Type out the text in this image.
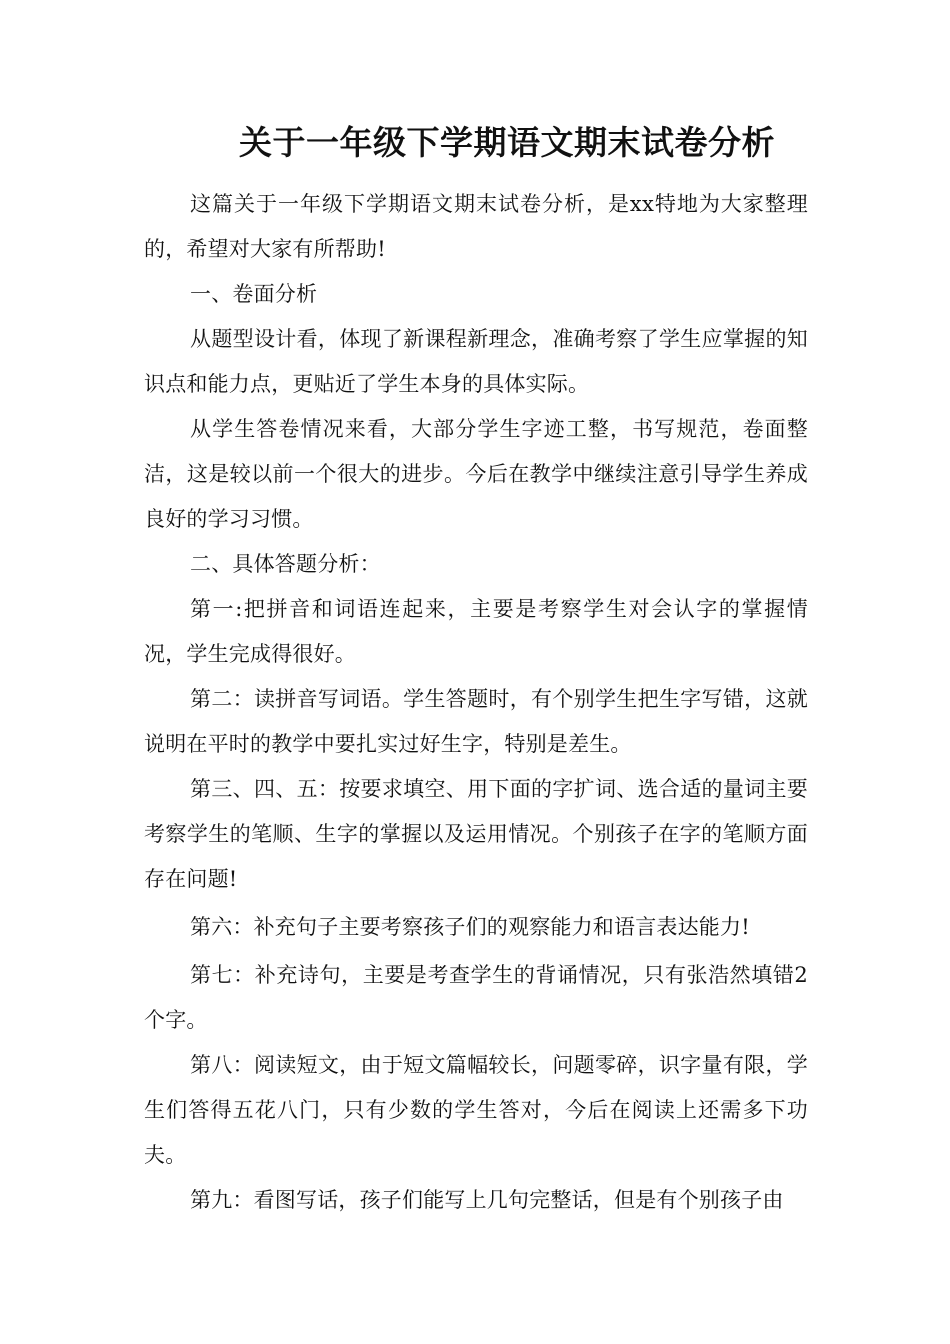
关于一年级下学期语文期末试卷分析

这篇关于一年级下学期语文期末试卷分析，是xx特地为大家整理的，希望对大家有所帮助!

一、卷面分析

从题型设计看，体现了新课程新理念，准确考察了学生应掌握的知识点和能力点，更贴近了学生本身的具体实际。

从学生答卷情况来看，大部分学生字迹工整，书写规范，卷面整洁，这是较以前一个很大的进步。今后在教学中继续注意引导学生养成良好的学习习惯。

二、具体答题分析：

第一:把拼音和词语连起来，主要是考察学生对会认字的掌握情况，学生完成得很好。

第二：读拼音写词语。学生答题时，有个别学生把生字写错，这就说明在平时的教学中要扎实过好生字，特别是差生。

第三、四、五：按要求填空、用下面的字扩词、选合适的量词主要考察学生的笔顺、生字的掌握以及运用情况。个别孩子在字的笔顺方面存在问题!

第六：补充句子主要考察孩子们的观察能力和语言表达能力!

第七：补充诗句，主要是考查学生的背诵情况，只有张浩然填错2个字。

第八：阅读短文，由于短文篇幅较长，问题零碎，识字量有限，学生们答得五花八门，只有少数的学生答对，今后在阅读上还需多下功夫。

第九：看图写话，孩子们能写上几句完整话，但是有个别孩子由
